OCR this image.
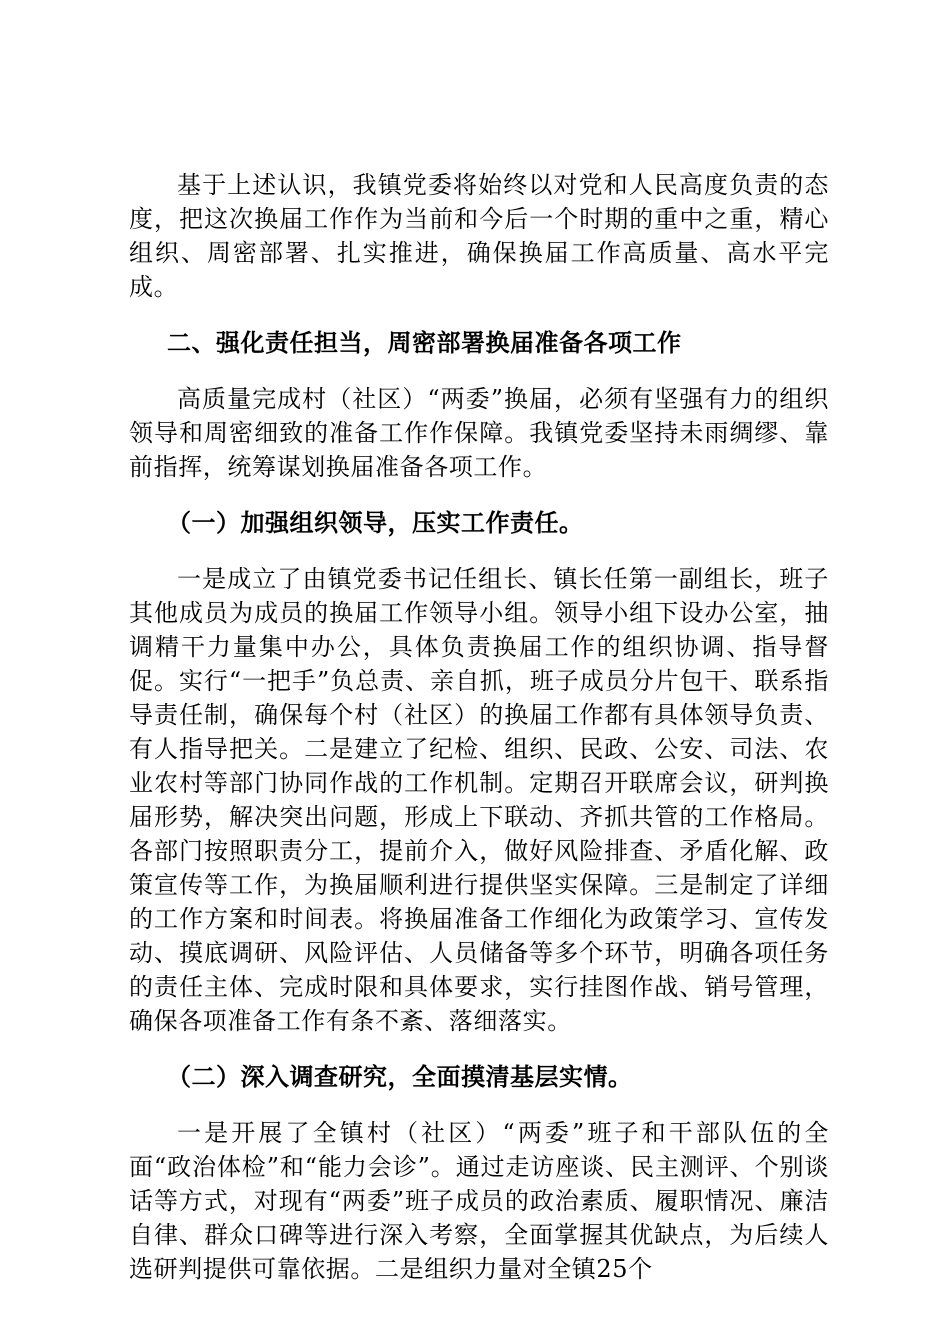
基于上述认识，我镇党委将始终以对党和人民高度负责的态度，把这次换届工作作为当前和今后一个时期的重中之重，精心组织、周密部署、扎实推进，确保换届工作高质量、高水平完成。

二、强化责任担当，周密部署换届准备各项工作

高质量完成村（社区）“两委”换届，必须有坚强有力的组织领导和周密细致的准备工作作保障。我镇党委坚持未雨绸缪、靠前指挥，统筹谋划换届准备各项工作。

（一）加强组织领导，压实工作责任。

一是成立了由镇党委书记任组长、镇长任第一副组长，班子其他成员为成员的换届工作领导小组。领导小组下设办公室，抽调精干力量集中办公，具体负责换届工作的组织协调、指导督促。实行“一把手”负总责、亲自抓，班子成员分片包干、联系指导责任制，确保每个村（社区）的换届工作都有具体领导负责、有人指导把关。二是建立了纪检、组织、民政、公安、司法、农业农村等部门协同作战的工作机制。定期召开联席会议，研判换届形势，解决突出问题，形成上下联动、齐抓共管的工作格局。各部门按照职责分工，提前介入，做好风险排查、矛盾化解、政策宣传等工作，为换届顺利进行提供坚实保障。三是制定了详细的工作方案和时间表。将换届准备工作细化为政策学习、宣传发动、摸底调研、风险评估、人员储备等多个环节，明确各项任务的责任主体、完成时限和具体要求，实行挂图作战、销号管理，确保各项准备工作有条不紊、落细落实。

（二）深入调查研究，全面摸清基层实情。

一是开展了全镇村（社区）“两委”班子和干部队伍的全面“政治体检”和“能力会诊”。通过走访座谈、民主测评、个别谈话等方式，对现有“两委”班子成员的政治素质、履职情况、廉洁自律、群众口碑等进行深入考察，全面掌握其优缺点，为后续人选研判提供可靠依据。二是组织力量对全镇25个
